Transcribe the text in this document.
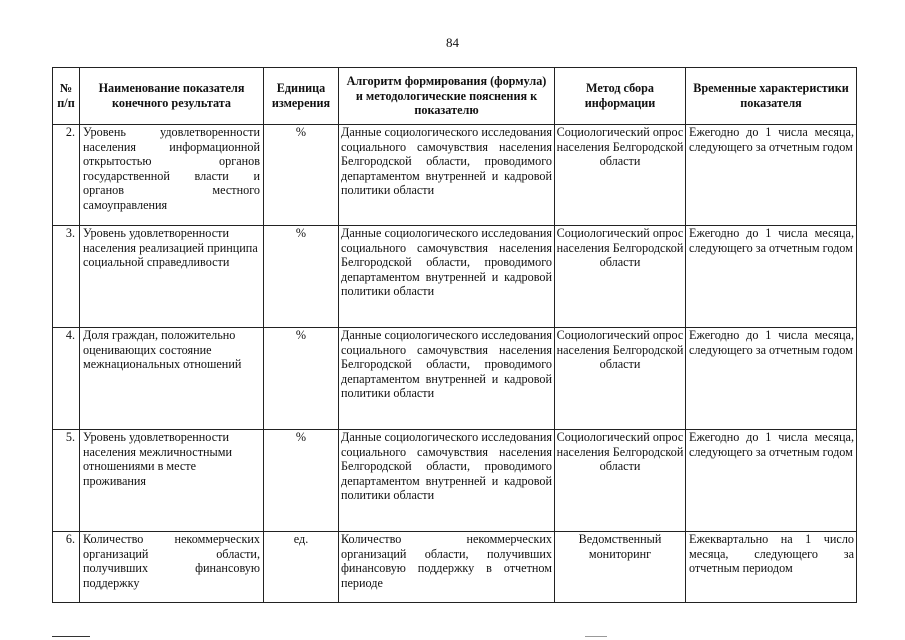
84
№ п/п	Наименование показателя конечного результата	Единица измерения	Алгоритм формирования (формула) и методологические пояснения к показателю	Метод сбора информации	Временные характеристики показателя
2.	Уровень удовлетворенности населения информационной открытостью органов государственной власти и органов местного самоуправления	%	Данные социологического исследования социального самочувствия населения Белгородской области, проводимого департаментом внутренней и кадровой политики области	Социологический опрос населения Белгородской области	Ежегодно до 1 числа месяца, следующего за отчетным годом
3.	Уровень удовлетворенности населения реализацией принципа социальной справедливости	%	Данные социологического исследования социального самочувствия населения Белгородской области, проводимого департаментом внутренней и кадровой политики области	Социологический опрос населения Белгородской области	Ежегодно до 1 числа месяца, следующего за отчетным годом
4.	Доля граждан, положительно оценивающих состояние межнациональных отношений	%	Данные социологического исследования социального самочувствия населения Белгородской области, проводимого департаментом внутренней и кадровой политики области	Социологический опрос населения Белгородской области	Ежегодно до 1 числа месяца, следующего за отчетным годом
5.	Уровень удовлетворенности населения межличностными отношениями в месте проживания	%	Данные социологического исследования социального самочувствия населения Белгородской области, проводимого департаментом внутренней и кадровой политики области	Социологический опрос населения Белгородской области	Ежегодно до 1 числа месяца, следующего за отчетным годом
6.	Количество некоммерческих организаций области, получивших финансовую поддержку	ед.	Количество некоммерческих организаций области, получивших финансовую поддержку в отчетном периоде	Ведомственный мониторинг	Ежеквартально на 1 число месяца, следующего за отчетным периодом
